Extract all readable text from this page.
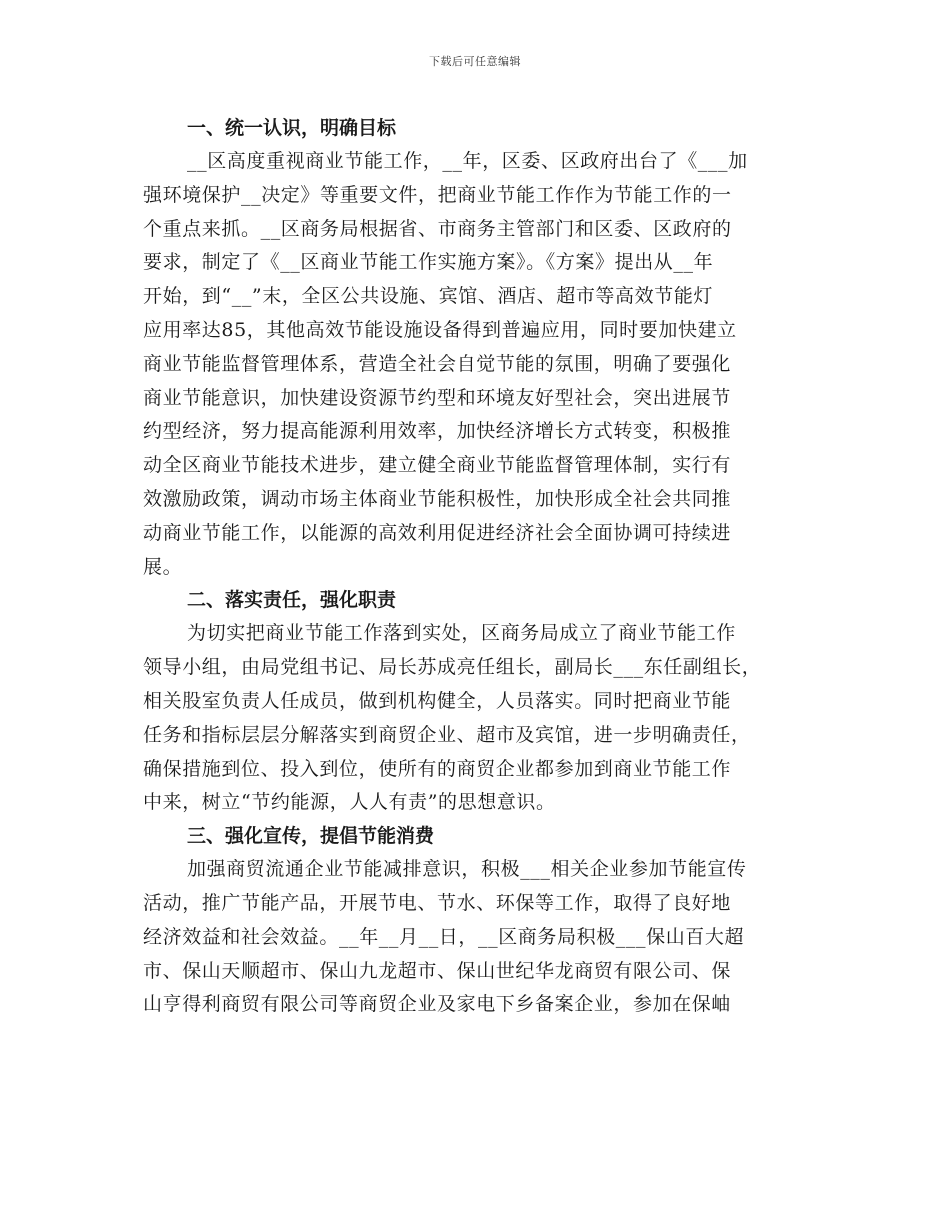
下载后可任意编辑
一、统一认识，明确目标
__区高度重视商业节能工作，__年，区委、区政府出台了《___加
强环境保护__决定》等重要文件，把商业节能工作作为节能工作的一
个重点来抓。__区商务局根据省、市商务主管部门和区委、区政府的
要求，制定了《__区商业节能工作实施方案》。《方案》提出从__年
开始，到“__”末，全区公共设施、宾馆、酒店、超市等高效节能灯
应用率达85，其他高效节能设施设备得到普遍应用，同时要加快建立
商业节能监督管理体系，营造全社会自觉节能的氛围，明确了要强化
商业节能意识，加快建设资源节约型和环境友好型社会，突出进展节
约型经济，努力提高能源利用效率，加快经济增长方式转变，积极推
动全区商业节能技术进步，建立健全商业节能监督管理体制，实行有
效激励政策，调动市场主体商业节能积极性，加快形成全社会共同推
动商业节能工作，以能源的高效利用促进经济社会全面协调可持续进
展。
二、落实责任，强化职责
为切实把商业节能工作落到实处，区商务局成立了商业节能工作
领导小组，由局党组书记、局长苏成亮任组长，副局长___东任副组长，
相关股室负责人任成员，做到机构健全，人员落实。同时把商业节能
任务和指标层层分解落实到商贸企业、超市及宾馆，进一步明确责任，
确保措施到位、投入到位，使所有的商贸企业都参加到商业节能工作
中来，树立“节约能源，人人有责”的思想意识。
三、强化宣传，提倡节能消费
加强商贸流通企业节能减排意识，积极___相关企业参加节能宣传
活动，推广节能产品，开展节电、节水、环保等工作，取得了良好地
经济效益和社会效益。__年__月__日，__区商务局积极___保山百大超
市、保山天顺超市、保山九龙超市、保山世纪华龙商贸有限公司、保
山亨得利商贸有限公司等商贸企业及家电下乡备案企业，参加在保岫
